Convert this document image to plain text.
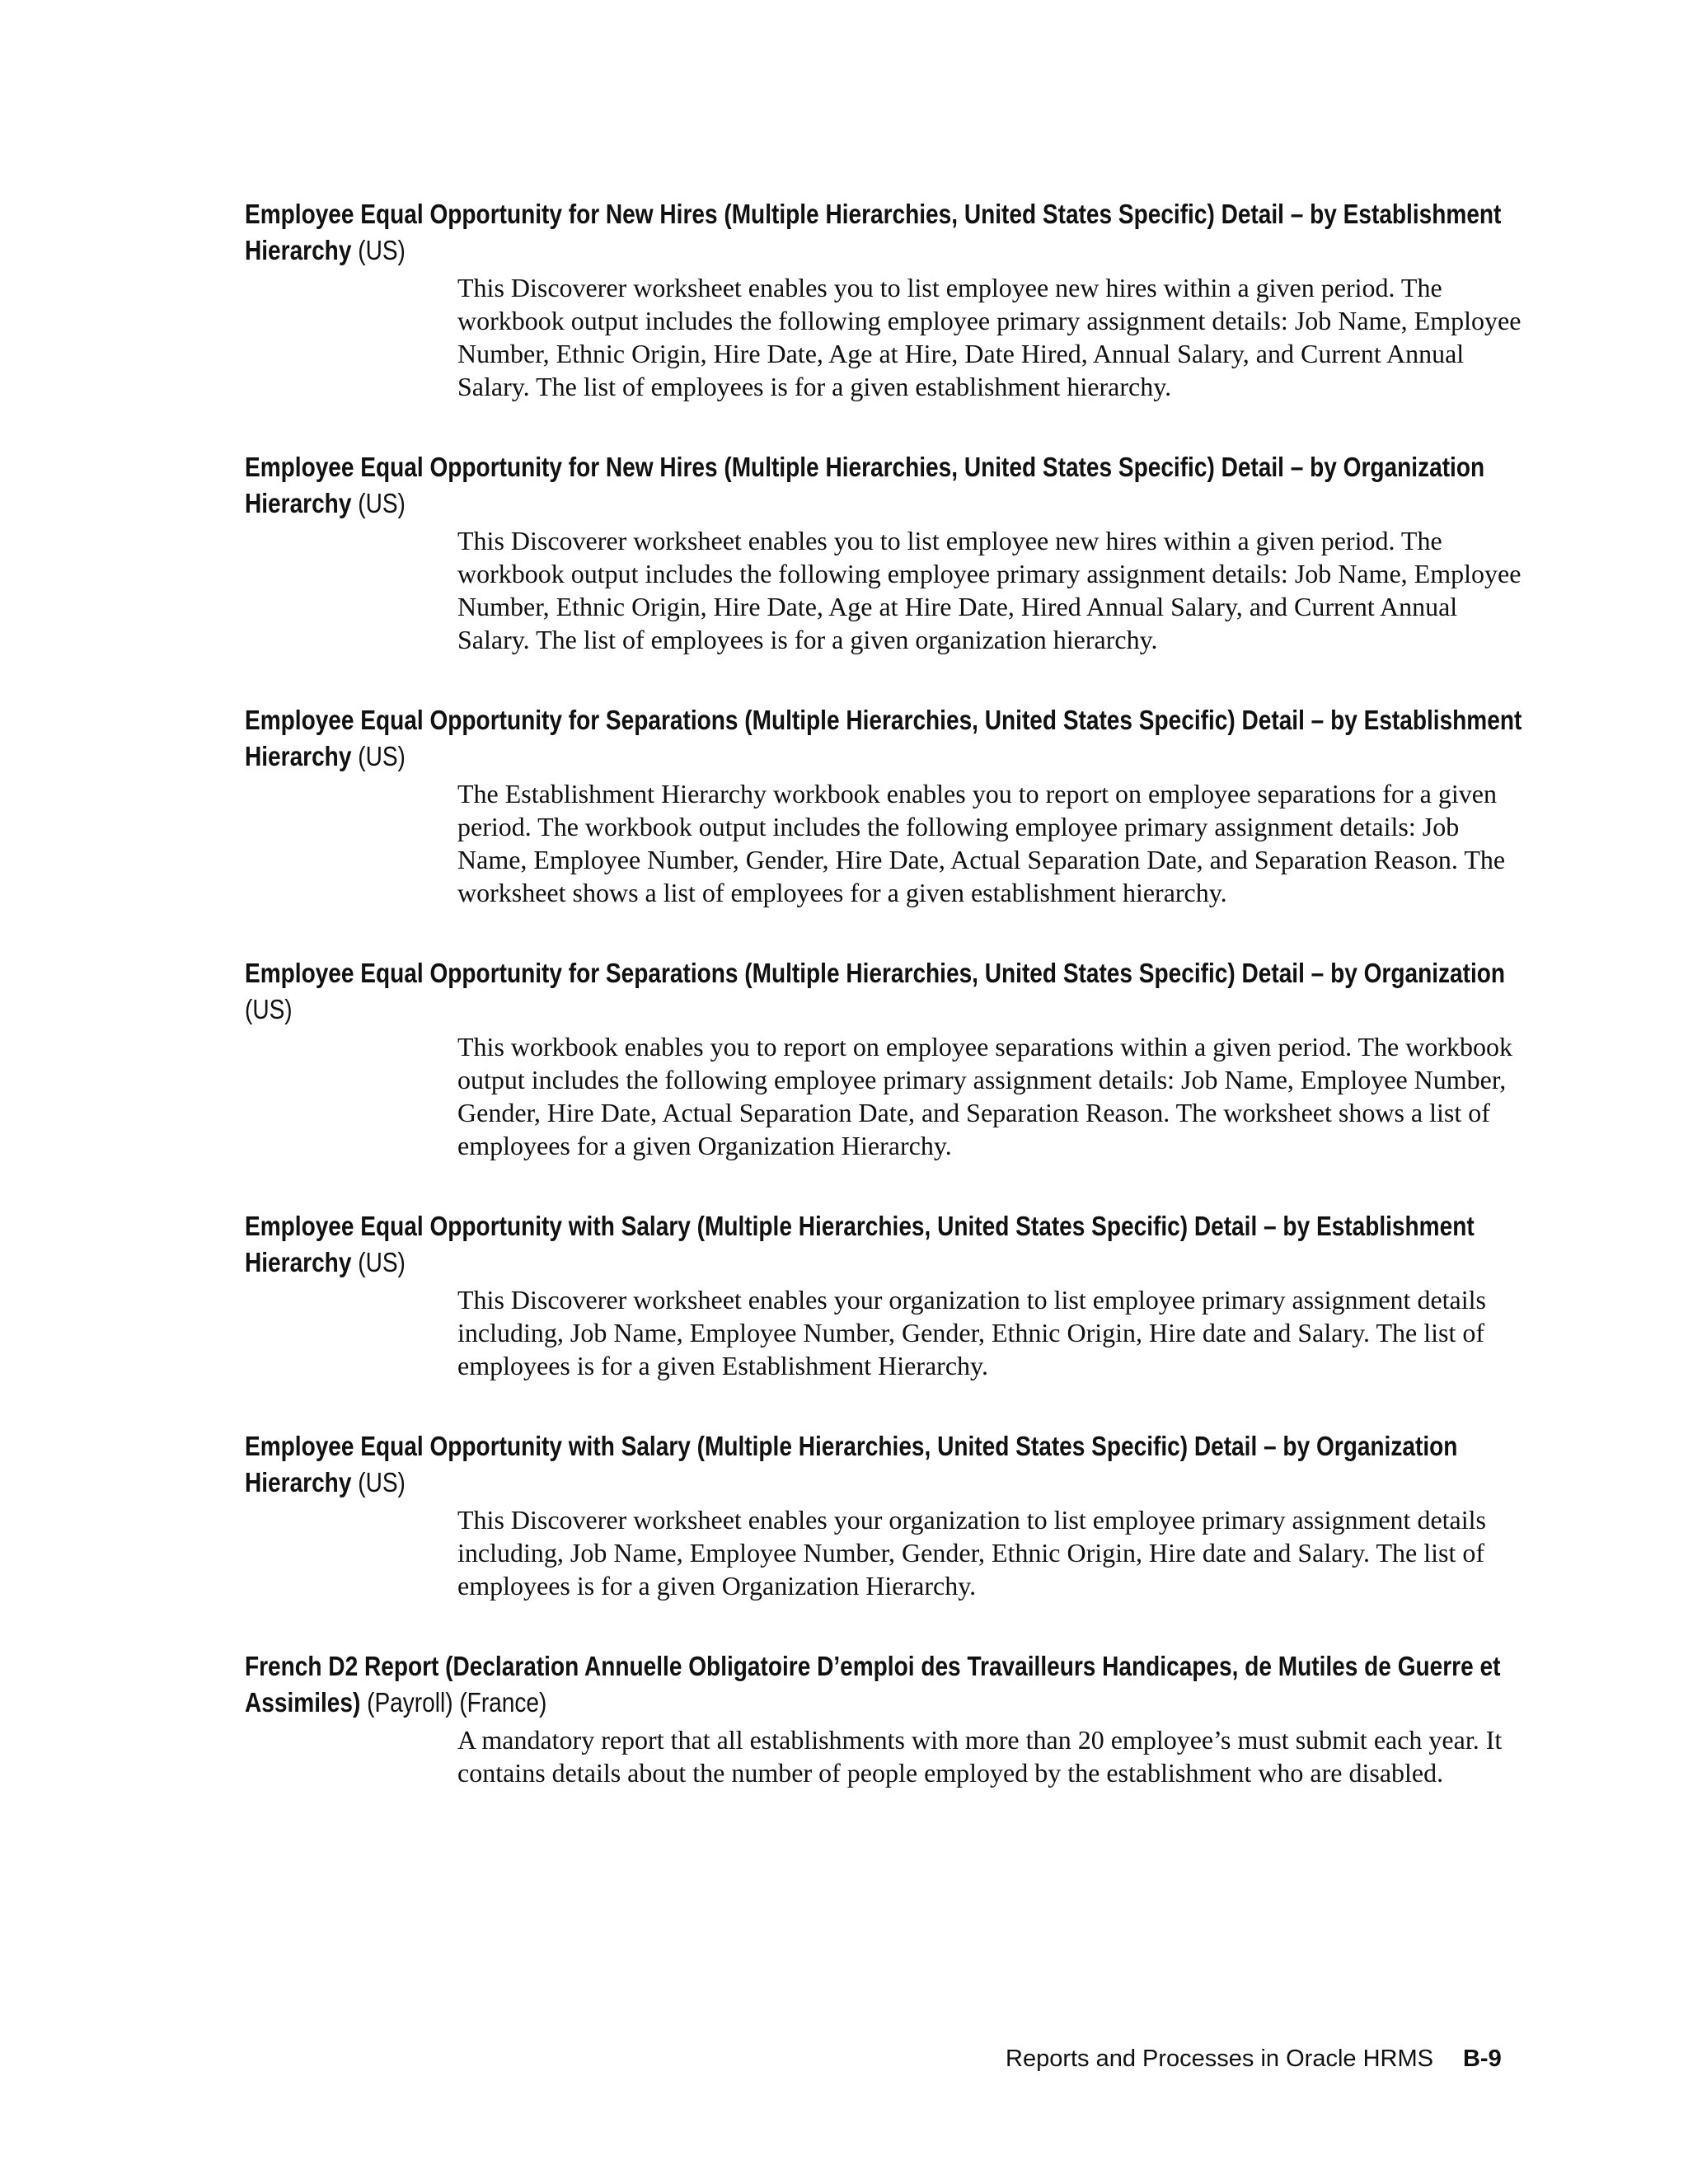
Employee Equal Opportunity for New Hires (Multiple Hierarchies, United States Specific) Detail – by Establishment Hierarchy (US)
This Discoverer worksheet enables you to list employee new hires within a given period. The workbook output includes the following employee primary assignment details: Job Name, Employee Number, Ethnic Origin, Hire Date, Age at Hire, Date Hired, Annual Salary, and Current Annual Salary. The list of employees is for a given establishment hierarchy.
Employee Equal Opportunity for New Hires (Multiple Hierarchies, United States Specific) Detail – by Organization Hierarchy (US)
This Discoverer worksheet enables you to list employee new hires within a given period. The workbook output includes the following employee primary assignment details: Job Name, Employee Number, Ethnic Origin, Hire Date, Age at Hire Date, Hired Annual Salary, and Current Annual Salary. The list of employees is for a given organization hierarchy.
Employee Equal Opportunity for Separations (Multiple Hierarchies, United States Specific) Detail – by Establishment Hierarchy (US)
The Establishment Hierarchy workbook enables you to report on employee separations for a given period. The workbook output includes the following employee primary assignment details: Job Name, Employee Number, Gender, Hire Date, Actual Separation Date, and Separation Reason. The worksheet shows a list of employees for a given establishment hierarchy.
Employee Equal Opportunity for Separations (Multiple Hierarchies, United States Specific) Detail – by Organization (US)
This workbook enables you to report on employee separations within a given period. The workbook output includes the following employee primary assignment details: Job Name, Employee Number, Gender, Hire Date, Actual Separation Date, and Separation Reason. The worksheet shows a list of employees for a given Organization Hierarchy.
Employee Equal Opportunity with Salary (Multiple Hierarchies, United States Specific) Detail – by Establishment Hierarchy (US)
This Discoverer worksheet enables your organization to list employee primary assignment details including, Job Name, Employee Number, Gender, Ethnic Origin, Hire date and Salary. The list of employees is for a given Establishment Hierarchy.
Employee Equal Opportunity with Salary (Multiple Hierarchies, United States Specific) Detail – by Organization Hierarchy (US)
This Discoverer worksheet enables your organization to list employee primary assignment details including, Job Name, Employee Number, Gender, Ethnic Origin, Hire date and Salary. The list of employees is for a given Organization Hierarchy.
French D2 Report (Declaration Annuelle Obligatoire D’emploi des Travailleurs Handicapes, de Mutiles de Guerre et Assimiles) (Payroll) (France)
A mandatory report that all establishments with more than 20 employee’s must submit each year. It contains details about the number of people employed by the establishment who are disabled.
Reports and Processes in Oracle HRMS B-9
